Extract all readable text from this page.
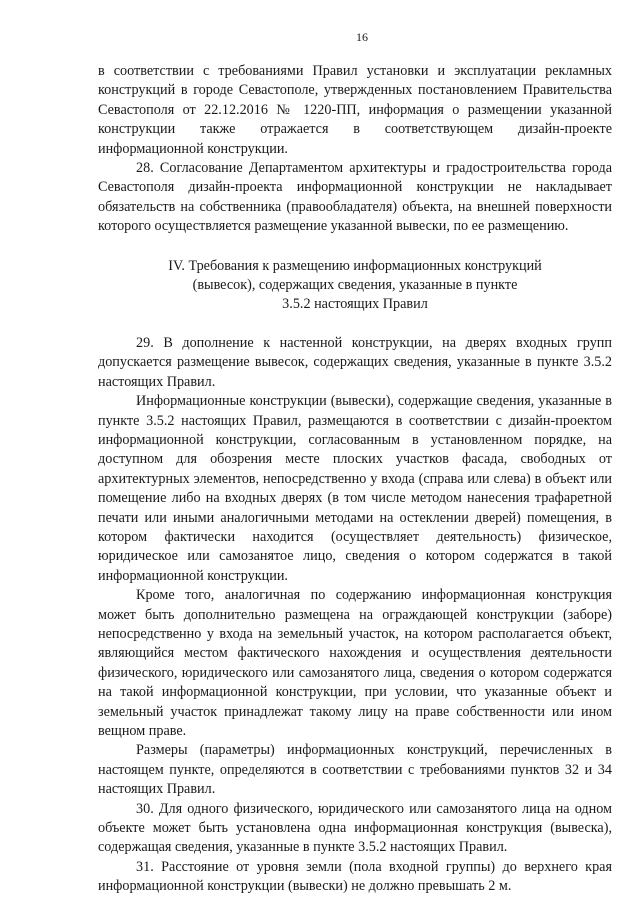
16

в соответствии с требованиями Правил установки и эксплуатации рекламных конструкций в городе Севастополе, утвержденных постановлением Правительства Севастополя от 22.12.2016 № 1220-ПП, информация о размещении указанной конструкции также отражается в соответствующем дизайн-проекте информационной конструкции.

28. Согласование Департаментом архитектуры и градостроительства города Севастополя дизайн-проекта информационной конструкции не накладывает обязательств на собственника (правообладателя) объекта, на внешней поверхности которого осуществляется размещение указанной вывески, по ее размещению.

IV. Требования к размещению информационных конструкций
(вывесок), содержащих сведения, указанные в пункте
3.5.2 настоящих Правил

29. В дополнение к настенной конструкции, на дверях входных групп допускается размещение вывесок, содержащих сведения, указанные в пункте 3.5.2 настоящих Правил.

Информационные конструкции (вывески), содержащие сведения, указанные в пункте 3.5.2 настоящих Правил, размещаются в соответствии с дизайн-проектом информационной конструкции, согласованным в установленном порядке, на доступном для обозрения месте плоских участков фасада, свободных от архитектурных элементов, непосредственно у входа (справа или слева) в объект или помещение либо на входных дверях (в том числе методом нанесения трафаретной печати или иными аналогичными методами на остеклении дверей) помещения, в котором фактически находится (осуществляет деятельность) физическое, юридическое или самозанятое лицо, сведения о котором содержатся в такой информационной конструкции.

Кроме того, аналогичная по содержанию информационная конструкция может быть дополнительно размещена на ограждающей конструкции (заборе) непосредственно у входа на земельный участок, на котором располагается объект, являющийся местом фактического нахождения и осуществления деятельности физического, юридического или самозанятого лица, сведения о котором содержатся на такой информационной конструкции, при условии, что указанные объект и земельный участок принадлежат такому лицу на праве собственности или ином вещном праве.

Размеры (параметры) информационных конструкций, перечисленных в настоящем пункте, определяются в соответствии с требованиями пунктов 32 и 34 настоящих Правил.

30. Для одного физического, юридического или самозанятого лица на одном объекте может быть установлена одна информационная конструкция (вывеска), содержащая сведения, указанные в пункте 3.5.2 настоящих Правил.

31. Расстояние от уровня земли (пола входной группы) до верхнего края информационной конструкции (вывески) не должно превышать 2 м.
